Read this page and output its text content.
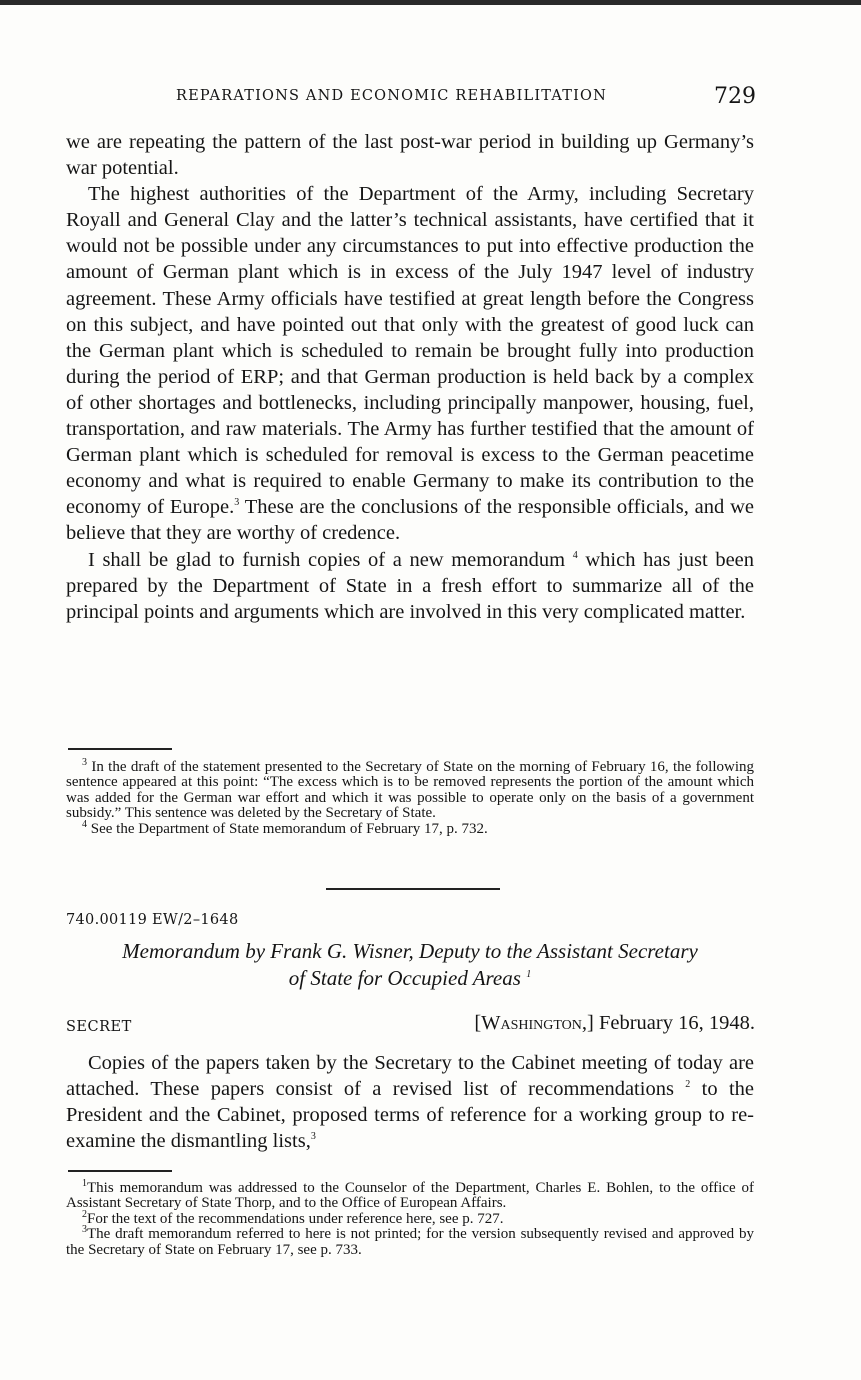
REPARATIONS AND ECONOMIC REHABILITATION	729

we are repeating the pattern of the last post-war period in building up Germany’s war potential.

The highest authorities of the Department of the Army, including Secretary Royall and General Clay and the latter’s technical assistants, have certified that it would not be possible under any circumstances to put into effective production the amount of German plant which is in excess of the July 1947 level of industry agreement. These Army officials have testified at great length before the Congress on this subject, and have pointed out that only with the greatest of good luck can the German plant which is scheduled to remain be brought fully into production during the period of ERP; and that German production is held back by a complex of other shortages and bottlenecks, including principally manpower, housing, fuel, transportation, and raw materials. The Army has further testified that the amount of German plant which is scheduled for removal is excess to the German peacetime economy and what is required to enable Germany to make its contribution to the economy of Europe.$^3$ These are the conclusions of the responsible officials, and we believe that they are worthy of credence.

I shall be glad to furnish copies of a new memorandum $^4$ which has just been prepared by the Department of State in a fresh effort to summarize all of the principal points and arguments which are involved in this very complicated matter.

$^3$ In the draft of the statement presented to the Secretary of State on the morning of February 16, the following sentence appeared at this point: “The excess which is to be removed represents the portion of the amount which was added for the German war effort and which it was possible to operate only on the basis of a government subsidy.” This sentence was deleted by the Secretary of State.

$^4$ See the Department of State memorandum of February 17, p. 732.

740.00119 EW/2–1648
Memorandum by Frank G. Wisner, Deputy to the Assistant Secretary
of State for Occupied Areas $^1$
SECRET	[Washington,] February 16, 1948.

Copies of the papers taken by the Secretary to the Cabinet meeting of today are attached. These papers consist of a revised list of recommendations $^2$ to the President and the Cabinet, proposed terms of reference for a working group to re-examine the dismantling lists,$^3$

$^1$This memorandum was addressed to the Counselor of the Department, Charles E. Bohlen, to the office of Assistant Secretary of State Thorp, and to the Office of European Affairs.

$^2$For the text of the recommendations under reference here, see p. 727.

$^3$The draft memorandum referred to here is not printed; for the version subsequently revised and approved by the Secretary of State on February 17, see p. 733.
